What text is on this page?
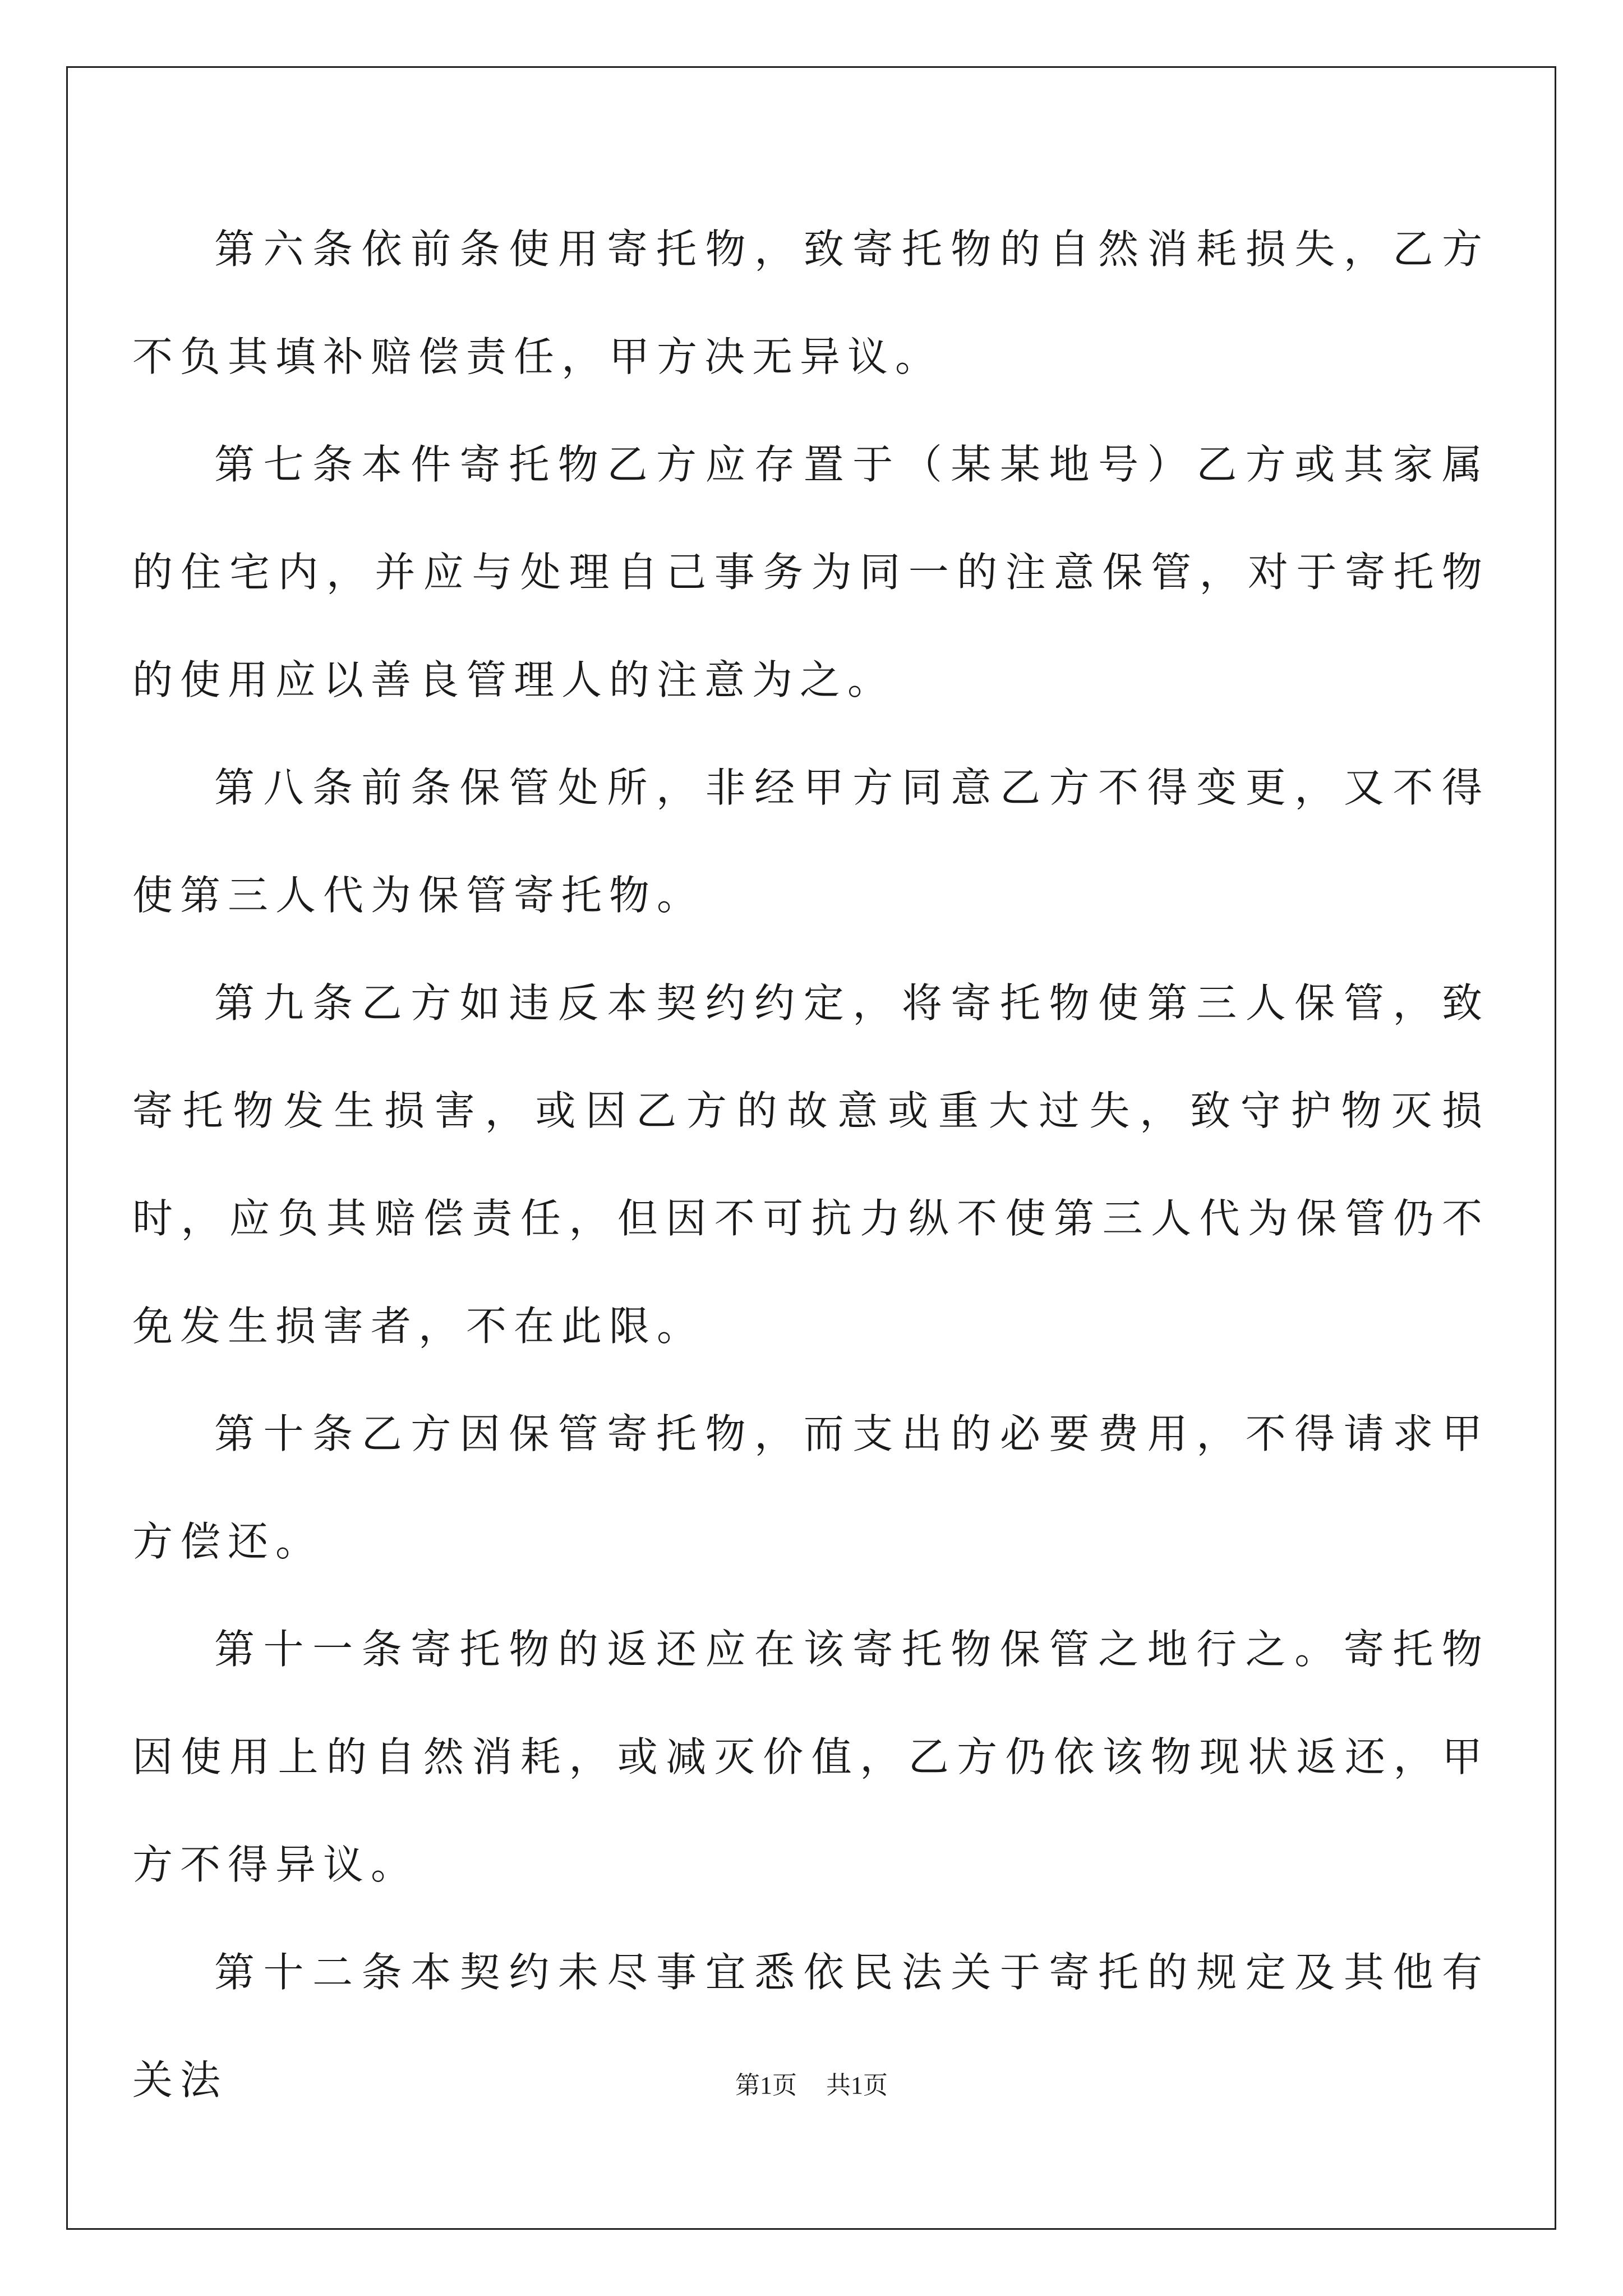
第六条依前条使用寄托物，致寄托物的自然消耗损失，乙方不负其填补赔偿责任，甲方决无异议。

第七条本件寄托物乙方应存置于（某某地号）乙方或其家属的住宅内，并应与处理自己事务为同一的注意保管，对于寄托物的使用应以善良管理人的注意为之。

第八条前条保管处所，非经甲方同意乙方不得变更，又不得使第三人代为保管寄托物。

第九条乙方如违反本契约约定，将寄托物使第三人保管，致寄托物发生损害，或因乙方的故意或重大过失，致守护物灭损时，应负其赔偿责任，但因不可抗力纵不使第三人代为保管仍不免发生损害者，不在此限。

第十条乙方因保管寄托物，而支出的必要费用，不得请求甲方偿还。

第十一条寄托物的返还应在该寄托物保管之地行之。寄托物因使用上的自然消耗，或减灭价值，乙方仍依该物现状返还，甲方不得异议。

第十二条本契约未尽事宜悉依民法关于寄托的规定及其他有关法	第1页 共1页
